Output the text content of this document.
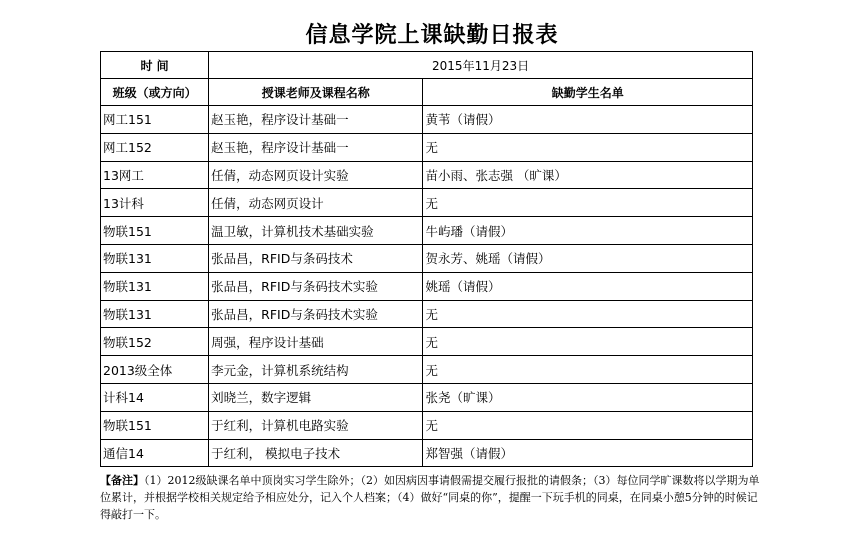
信息学院上课缺勤日报表
时 间	2015年11月23日	
班级（或方向）	授课老师及课程名称	缺勤学生名单
网工151	赵玉艳，程序设计基础一	黄苇（请假）
网工152	赵玉艳，程序设计基础一	无
13网工	任倩，动态网页设计实验	苗小雨、张志强 （旷课）
13计科	任倩，动态网页设计	无
物联151	温卫敏，计算机技术基础实验	牛屿璠（请假）
物联131	张品昌，RFID与条码技术	贺永芳、姚瑶（请假）
物联131	张品昌，RFID与条码技术实验	姚瑶（请假）
物联131	张品昌，RFID与条码技术实验	无
物联152	周强，程序设计基础	无
2013级全体	李元金，计算机系统结构	无
计科14	刘晓兰，数字逻辑	张尧（旷课）
物联151	于红利，计算机电路实验	无
通信14	于红利， 模拟电子技术	郑智强（请假）
【备注】（1）2012级缺课名单中顶岗实习学生除外；（2）如因病因事请假需提交履行报批的请假条；（3）每位同学旷课数将以学期为单位累计，并根据学校相关规定给予相应处分，记入个人档案；（4）做好“同桌的你”，提醒一下玩手机的同桌，在同桌小憩5分钟的时候记得敲打一下。
